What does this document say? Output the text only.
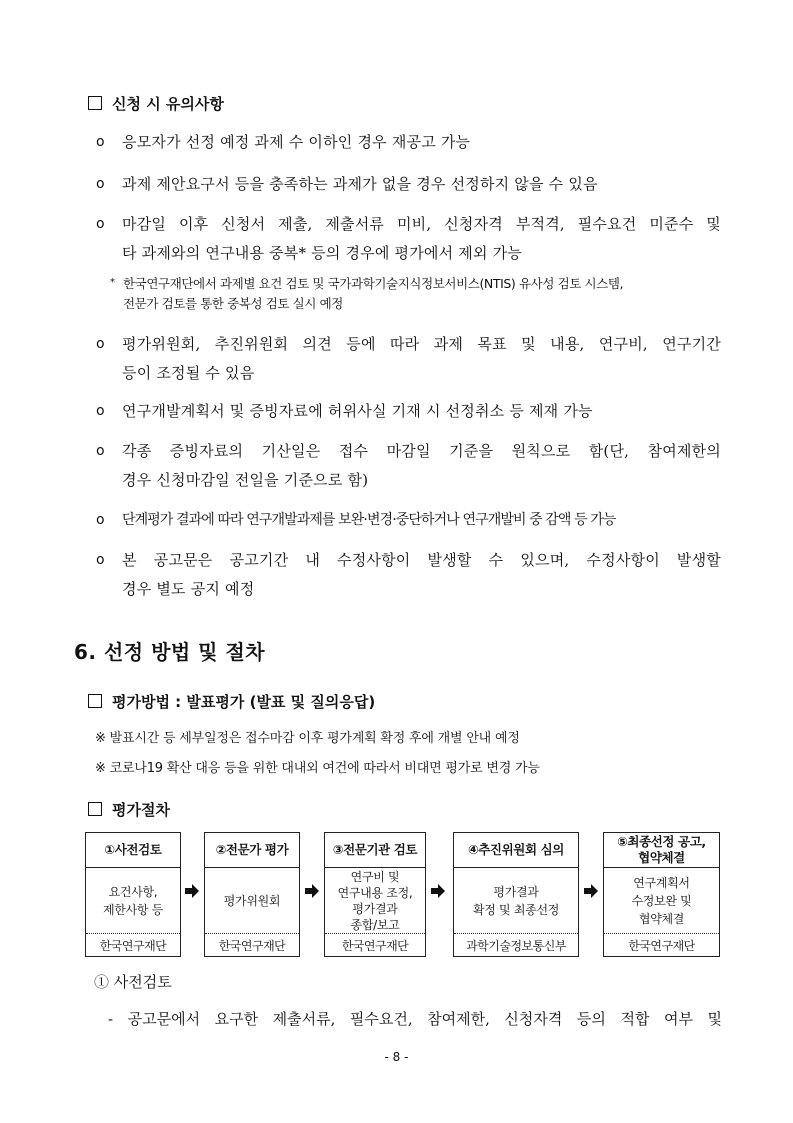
신청 시 유의사항
ο 응모자가 선정 예정 과제 수 이하인 경우 재공고 가능
ο 과제 제안요구서 등을 충족하는 과제가 없을 경우 선정하지 않을 수 있음
ο 마감일 이후 신청서 제출, 제출서류 미비, 신청자격 부적격, 필수요건 미준수 및
타 과제와의 연구내용 중복* 등의 경우에 평가에서 제외 가능
* 한국연구재단에서 과제별 요건 검토 및 국가과학기술지식정보서비스(NTIS) 유사성 검토 시스템,
전문가 검토를 통한 중복성 검토 실시 예정
ο 평가위원회, 추진위원회 의견 등에 따라 과제 목표 및 내용, 연구비, 연구기간
등이 조정될 수 있음
ο 연구개발계획서 및 증빙자료에 허위사실 기재 시 선정취소 등 제재 가능
ο 각종 증빙자료의 기산일은 접수 마감일 기준을 원칙으로 함(단, 참여제한의
경우 신청마감일 전일을 기준으로 함)
ο 단계평가 결과에 따라 연구개발과제를 보완·변경·중단하거나 연구개발비 중 감액 등 가능
ο 본 공고문은 공고기간 내 수정사항이 발생할 수 있으며, 수정사항이 발생할
경우 별도 공지 예정
6. 선정 방법 및 절차
평가방법 : 발표평가 (발표 및 질의응답)
※ 발표시간 등 세부일정은 접수마감 이후 평가계획 확정 후에 개별 안내 예정
※ 코로나19 확산 대응 등을 위한 대내외 여건에 따라서 비대면 평가로 변경 가능
평가절차
①사전검토
요건사항,
제한사항 등
한국연구재단
②전문가 평가
평가위원회
한국연구재단
③전문기관 검토
연구비 및
연구내용 조정,
평가결과
종합/보고
한국연구재단
④추진위원회 심의
평가결과
확정 및 최종선정
과학기술정보통신부
⑤최종선정 공고,
협약체결
연구계획서
수정보완 및
협약체결
한국연구재단
① 사전검토
- 공고문에서 요구한 제출서류, 필수요건, 참여제한, 신청자격 등의 적합 여부 및
- 8 -
